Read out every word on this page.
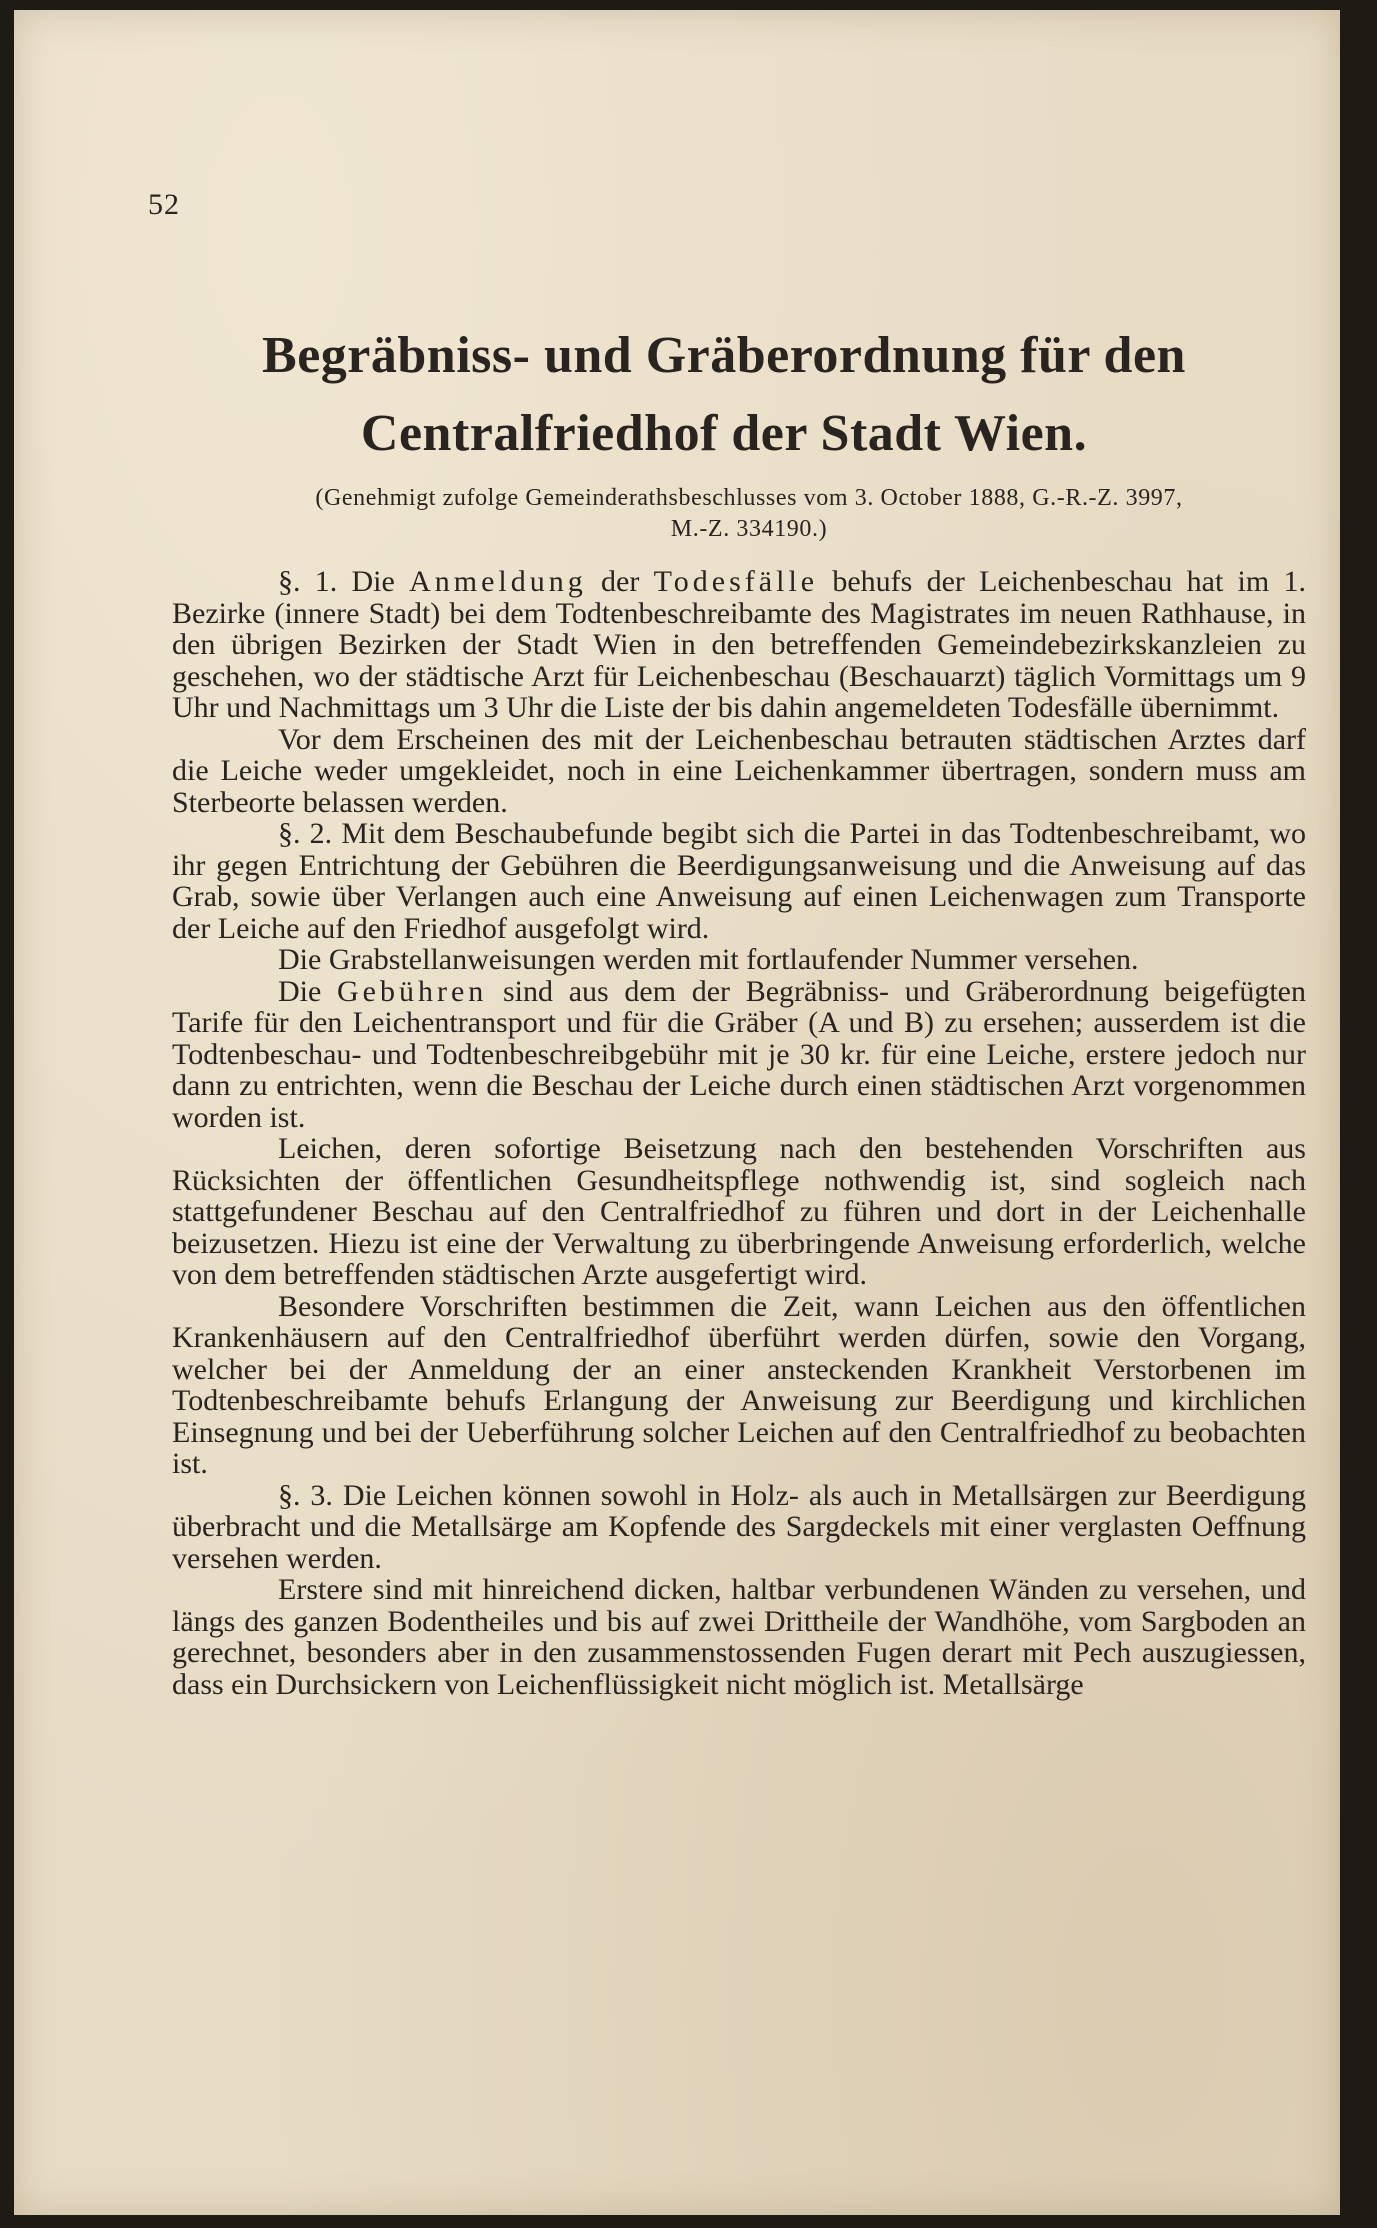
52
Begräbniss- und Gräberordnung für den
Centralfriedhof der Stadt Wien.

(Genehmigt zufolge Gemeinderathsbeschlusses vom 3. October 1888, G.-R.-Z. 3997,

M.-Z. 334190.)

§. 1. Die Anmeldung der Todesfälle behufs der Leichenbeschau hat im 1. Bezirke (innere Stadt) bei dem Todtenbeschreibamte des Magistrates im neuen Rathhause, in den übrigen Bezirken der Stadt Wien in den betreffenden Gemeindebezirkskanzleien zu geschehen, wo der städtische Arzt für Leichenbeschau (Beschauarzt) täglich Vormittags um 9 Uhr und Nachmittags um 3 Uhr die Liste der bis dahin angemeldeten Todesfälle übernimmt.

Vor dem Erscheinen des mit der Leichenbeschau betrauten städtischen Arztes darf die Leiche weder umgekleidet, noch in eine Leichenkammer übertragen, sondern muss am Sterbeorte belassen werden.

§. 2. Mit dem Beschaubefunde begibt sich die Partei in das Todtenbeschreibamt, wo ihr gegen Entrichtung der Gebühren die Beerdigungsanweisung und die Anweisung auf das Grab, sowie über Verlangen auch eine Anweisung auf einen Leichenwagen zum Transporte der Leiche auf den Friedhof ausgefolgt wird.

Die Grabstellanweisungen werden mit fortlaufender Nummer versehen.

Die Gebühren sind aus dem der Begräbniss- und Gräberordnung beigefügten Tarife für den Leichentransport und für die Gräber (A und B) zu ersehen; ausserdem ist die Todtenbeschau- und Todtenbeschreibgebühr mit je 30 kr. für eine Leiche, erstere jedoch nur dann zu entrichten, wenn die Beschau der Leiche durch einen städtischen Arzt vorgenommen worden ist.

Leichen, deren sofortige Beisetzung nach den bestehenden Vorschriften aus Rücksichten der öffentlichen Gesundheitspflege nothwendig ist, sind sogleich nach stattgefundener Beschau auf den Centralfriedhof zu führen und dort in der Leichenhalle beizusetzen. Hiezu ist eine der Verwaltung zu überbringende Anweisung erforderlich, welche von dem betreffenden städtischen Arzte ausgefertigt wird.

Besondere Vorschriften bestimmen die Zeit, wann Leichen aus den öffentlichen Krankenhäusern auf den Centralfriedhof überführt werden dürfen, sowie den Vorgang, welcher bei der Anmeldung der an einer ansteckenden Krankheit Verstorbenen im Todtenbeschreibamte behufs Erlangung der Anweisung zur Beerdigung und kirchlichen Einsegnung und bei der Ueberführung solcher Leichen auf den Centralfriedhof zu beobachten ist.

§. 3. Die Leichen können sowohl in Holz- als auch in Metallsärgen zur Beerdigung überbracht und die Metallsärge am Kopfende des Sargdeckels mit einer verglasten Oeffnung versehen werden.

Erstere sind mit hinreichend dicken, haltbar verbundenen Wänden zu versehen, und längs des ganzen Bodentheiles und bis auf zwei Drittheile der Wandhöhe, vom Sargboden an gerechnet, besonders aber in den zusammenstossenden Fugen derart mit Pech auszugiessen, dass ein Durchsickern von Leichenflüssigkeit nicht möglich ist. Metallsärge
